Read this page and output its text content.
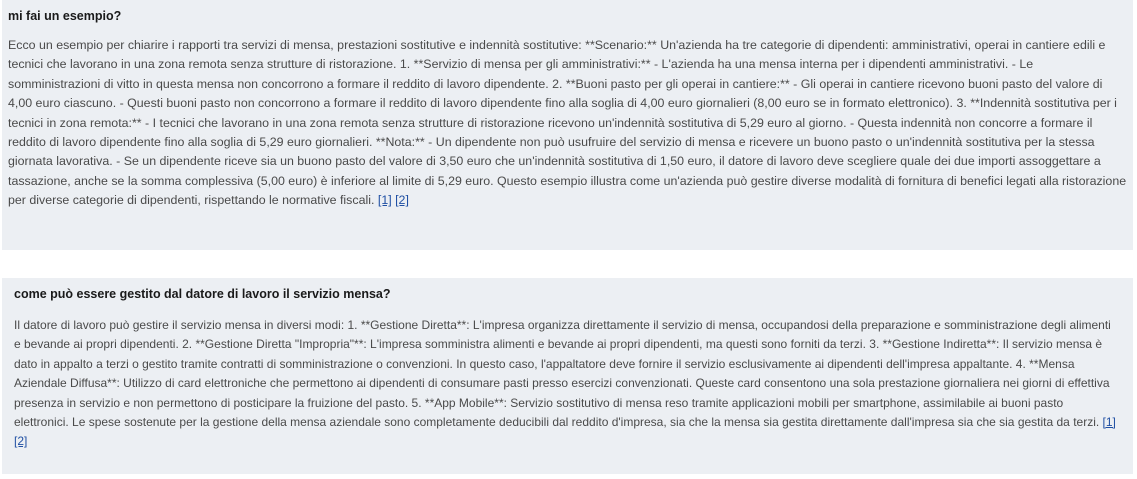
mi fai un esempio?

Ecco un esempio per chiarire i rapporti tra servizi di mensa, prestazioni sostitutive e indennità sostitutive: **Scenario:** Un'azienda ha tre categorie di dipendenti: amministrativi, operai in cantiere edili e tecnici che lavorano in una zona remota senza strutture di ristorazione. 1. **Servizio di mensa per gli amministrativi:** - L'azienda ha una mensa interna per i dipendenti amministrativi. - Le somministrazioni di vitto in questa mensa non concorrono a formare il reddito di lavoro dipendente. 2. **Buoni pasto per gli operai in cantiere:** - Gli operai in cantiere ricevono buoni pasto del valore di 4,00 euro ciascuno. - Questi buoni pasto non concorrono a formare il reddito di lavoro dipendente fino alla soglia di 4,00 euro giornalieri (8,00 euro se in formato elettronico). 3. **Indennità sostitutiva per i tecnici in zona remota:** - I tecnici che lavorano in una zona remota senza strutture di ristorazione ricevono un'indennità sostitutiva di 5,29 euro al giorno. - Questa indennità non concorre a formare il reddito di lavoro dipendente fino alla soglia di 5,29 euro giornalieri. **Nota:** - Un dipendente non può usufruire del servizio di mensa e ricevere un buono pasto o un'indennità sostitutiva per la stessa giornata lavorativa. - Se un dipendente riceve sia un buono pasto del valore di 3,50 euro che un'indennità sostitutiva di 1,50 euro, il datore di lavoro deve scegliere quale dei due importi assoggettare a tassazione, anche se la somma complessiva (5,00 euro) è inferiore al limite di 5,29 euro. Questo esempio illustra come un'azienda può gestire diverse modalità di fornitura di benefici legati alla ristorazione per diverse categorie di dipendenti, rispettando le normative fiscali. [1] [2]

come può essere gestito dal datore di lavoro il servizio mensa?

Il datore di lavoro può gestire il servizio mensa in diversi modi: 1. **Gestione Diretta**: L'impresa organizza direttamente il servizio di mensa, occupandosi della preparazione e somministrazione degli alimenti e bevande ai propri dipendenti. 2. **Gestione Diretta "Impropria"**: L'impresa somministra alimenti e bevande ai propri dipendenti, ma questi sono forniti da terzi. 3. **Gestione Indiretta**: Il servizio mensa è dato in appalto a terzi o gestito tramite contratti di somministrazione o convenzioni. In questo caso, l'appaltatore deve fornire il servizio esclusivamente ai dipendenti dell'impresa appaltante. 4. **Mensa Aziendale Diffusa**: Utilizzo di card elettroniche che permettono ai dipendenti di consumare pasti presso esercizi convenzionati. Queste card consentono una sola prestazione giornaliera nei giorni di effettiva presenza in servizio e non permettono di posticipare la fruizione del pasto. 5. **App Mobile**: Servizio sostitutivo di mensa reso tramite applicazioni mobili per smartphone, assimilabile ai buoni pasto elettronici. Le spese sostenute per la gestione della mensa aziendale sono completamente deducibili dal reddito d'impresa, sia che la mensa sia gestita direttamente dall'impresa sia che sia gestita da terzi. [1] [2]
